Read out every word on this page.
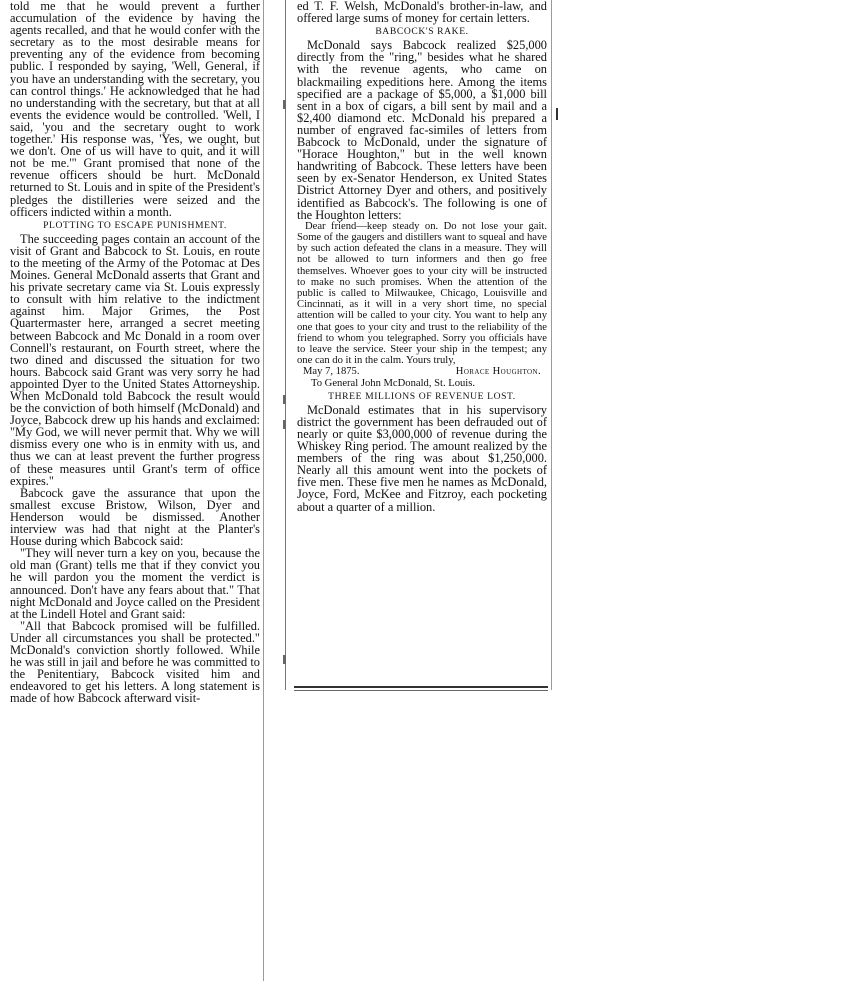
told me that he would prevent a further accumulation of the evidence by having the agents recalled, and that he would confer with the secretary as to the most desirable means for preventing any of the evidence from becoming public. I responded by saying, 'Well, General, if you have an understanding with the secretary, you can control things.' He acknowledged that he had no understanding with the secretary, but that at all events the evidence would be controlled. 'Well, I said, 'you and the secretary ought to work together.' His response was, 'Yes, we ought, but we don't. One of us will have to quit, and it will not be me.'" Grant promised that none of the revenue officers should be hurt. McDonald returned to St. Louis and in spite of the President's pledges the distilleries were seized and the officers indicted within a month.

PLOTTING TO ESCAPE PUNISHMENT.

The succeeding pages contain an account of the visit of Grant and Babcock to St. Louis, en route to the meeting of the Army of the Potomac at Des Moines. General McDonald asserts that Grant and his private secretary came via St. Louis expressly to consult with him relative to the indictment against him. Major Grimes, the Post Quartermaster here, arranged a secret meeting between Babcock and Mc Donald in a room over Connell's restaurant, on Fourth street, where the two dined and discussed the situation for two hours. Babcock said Grant was very sorry he had appointed Dyer to the United States Attorneyship. When McDonald told Babcock the result would be the conviction of both himself (McDonald) and Joyce, Babcock drew up his hands and exclaimed: "My God, we will never permit that. Why we will dismiss every one who is in enmity with us, and thus we can at least prevent the further progress of these measures until Grant's term of office expires."

Babcock gave the assurance that upon the smallest excuse Bristow, Wilson, Dyer and Henderson would be dismissed. Another interview was had that night at the Planter's House during which Babcock said:

"They will never turn a key on you, because the old man (Grant) tells me that if they convict you he will pardon you the moment the verdict is announced. Don't have any fears about that." That night McDonald and Joyce called on the President at the Lindell Hotel and Grant said:

"All that Babcock promised will be fulfilled. Under all circumstances you shall be protected." McDonald's conviction shortly followed. While he was still in jail and before he was committed to the Penitentiary, Babcock visited him and endeavored to get his letters. A long statement is made of how Babcock afterward visit-

ed T. F. Welsh, McDonald's brother-in-law, and offered large sums of money for certain letters.

BABCOCK'S RAKE.

McDonald says Babcock realized $25,000 directly from the "ring," besides what he shared with the revenue agents, who came on blackmailing expeditions here. Among the items specified are a package of $5,000, a $1,000 bill sent in a box of cigars, a bill sent by mail and a $2,400 diamond etc. McDonald his prepared a number of engraved fac-similes of letters from Babcock to McDonald, under the signature of "Horace Houghton," but in the well known handwriting of Babcock. These letters have been seen by ex-Senator Henderson, ex United States District Attorney Dyer and others, and positively identified as Babcock's. The following is one of the Houghton letters:

Dear friend—keep steady on. Do not lose your gait. Some of the gaugers and distillers want to squeal and have by such action defeated the clans in a measure. They will not be allowed to turn informers and then go free themselves. Whoever goes to your city will be instructed to make no such promises. When the attention of the public is called to Milwaukee, Chicago, Louisville and Cincinnati, as it will in a very short time, no special attention will be called to your city. You want to help any one that goes to your city and trust to the reliability of the friend to whom you telegraphed. Sorry you officials have to leave the service. Steer your ship in the tempest; any one can do it in the calm. Yours truly,

May 7, 1875.	Horace Houghton.

To General John McDonald, St. Louis.

THREE MILLIONS OF REVENUE LOST.

McDonald estimates that in his supervisory district the government has been defrauded out of nearly or quite $3,000,000 of revenue during the Whiskey Ring period. The amount realized by the members of the ring was about $1,250,000. Nearly all this amount went into the pockets of five men. These five men he names as McDonald, Joyce, Ford, McKee and Fitzroy, each pocketing about a quarter of a million.
